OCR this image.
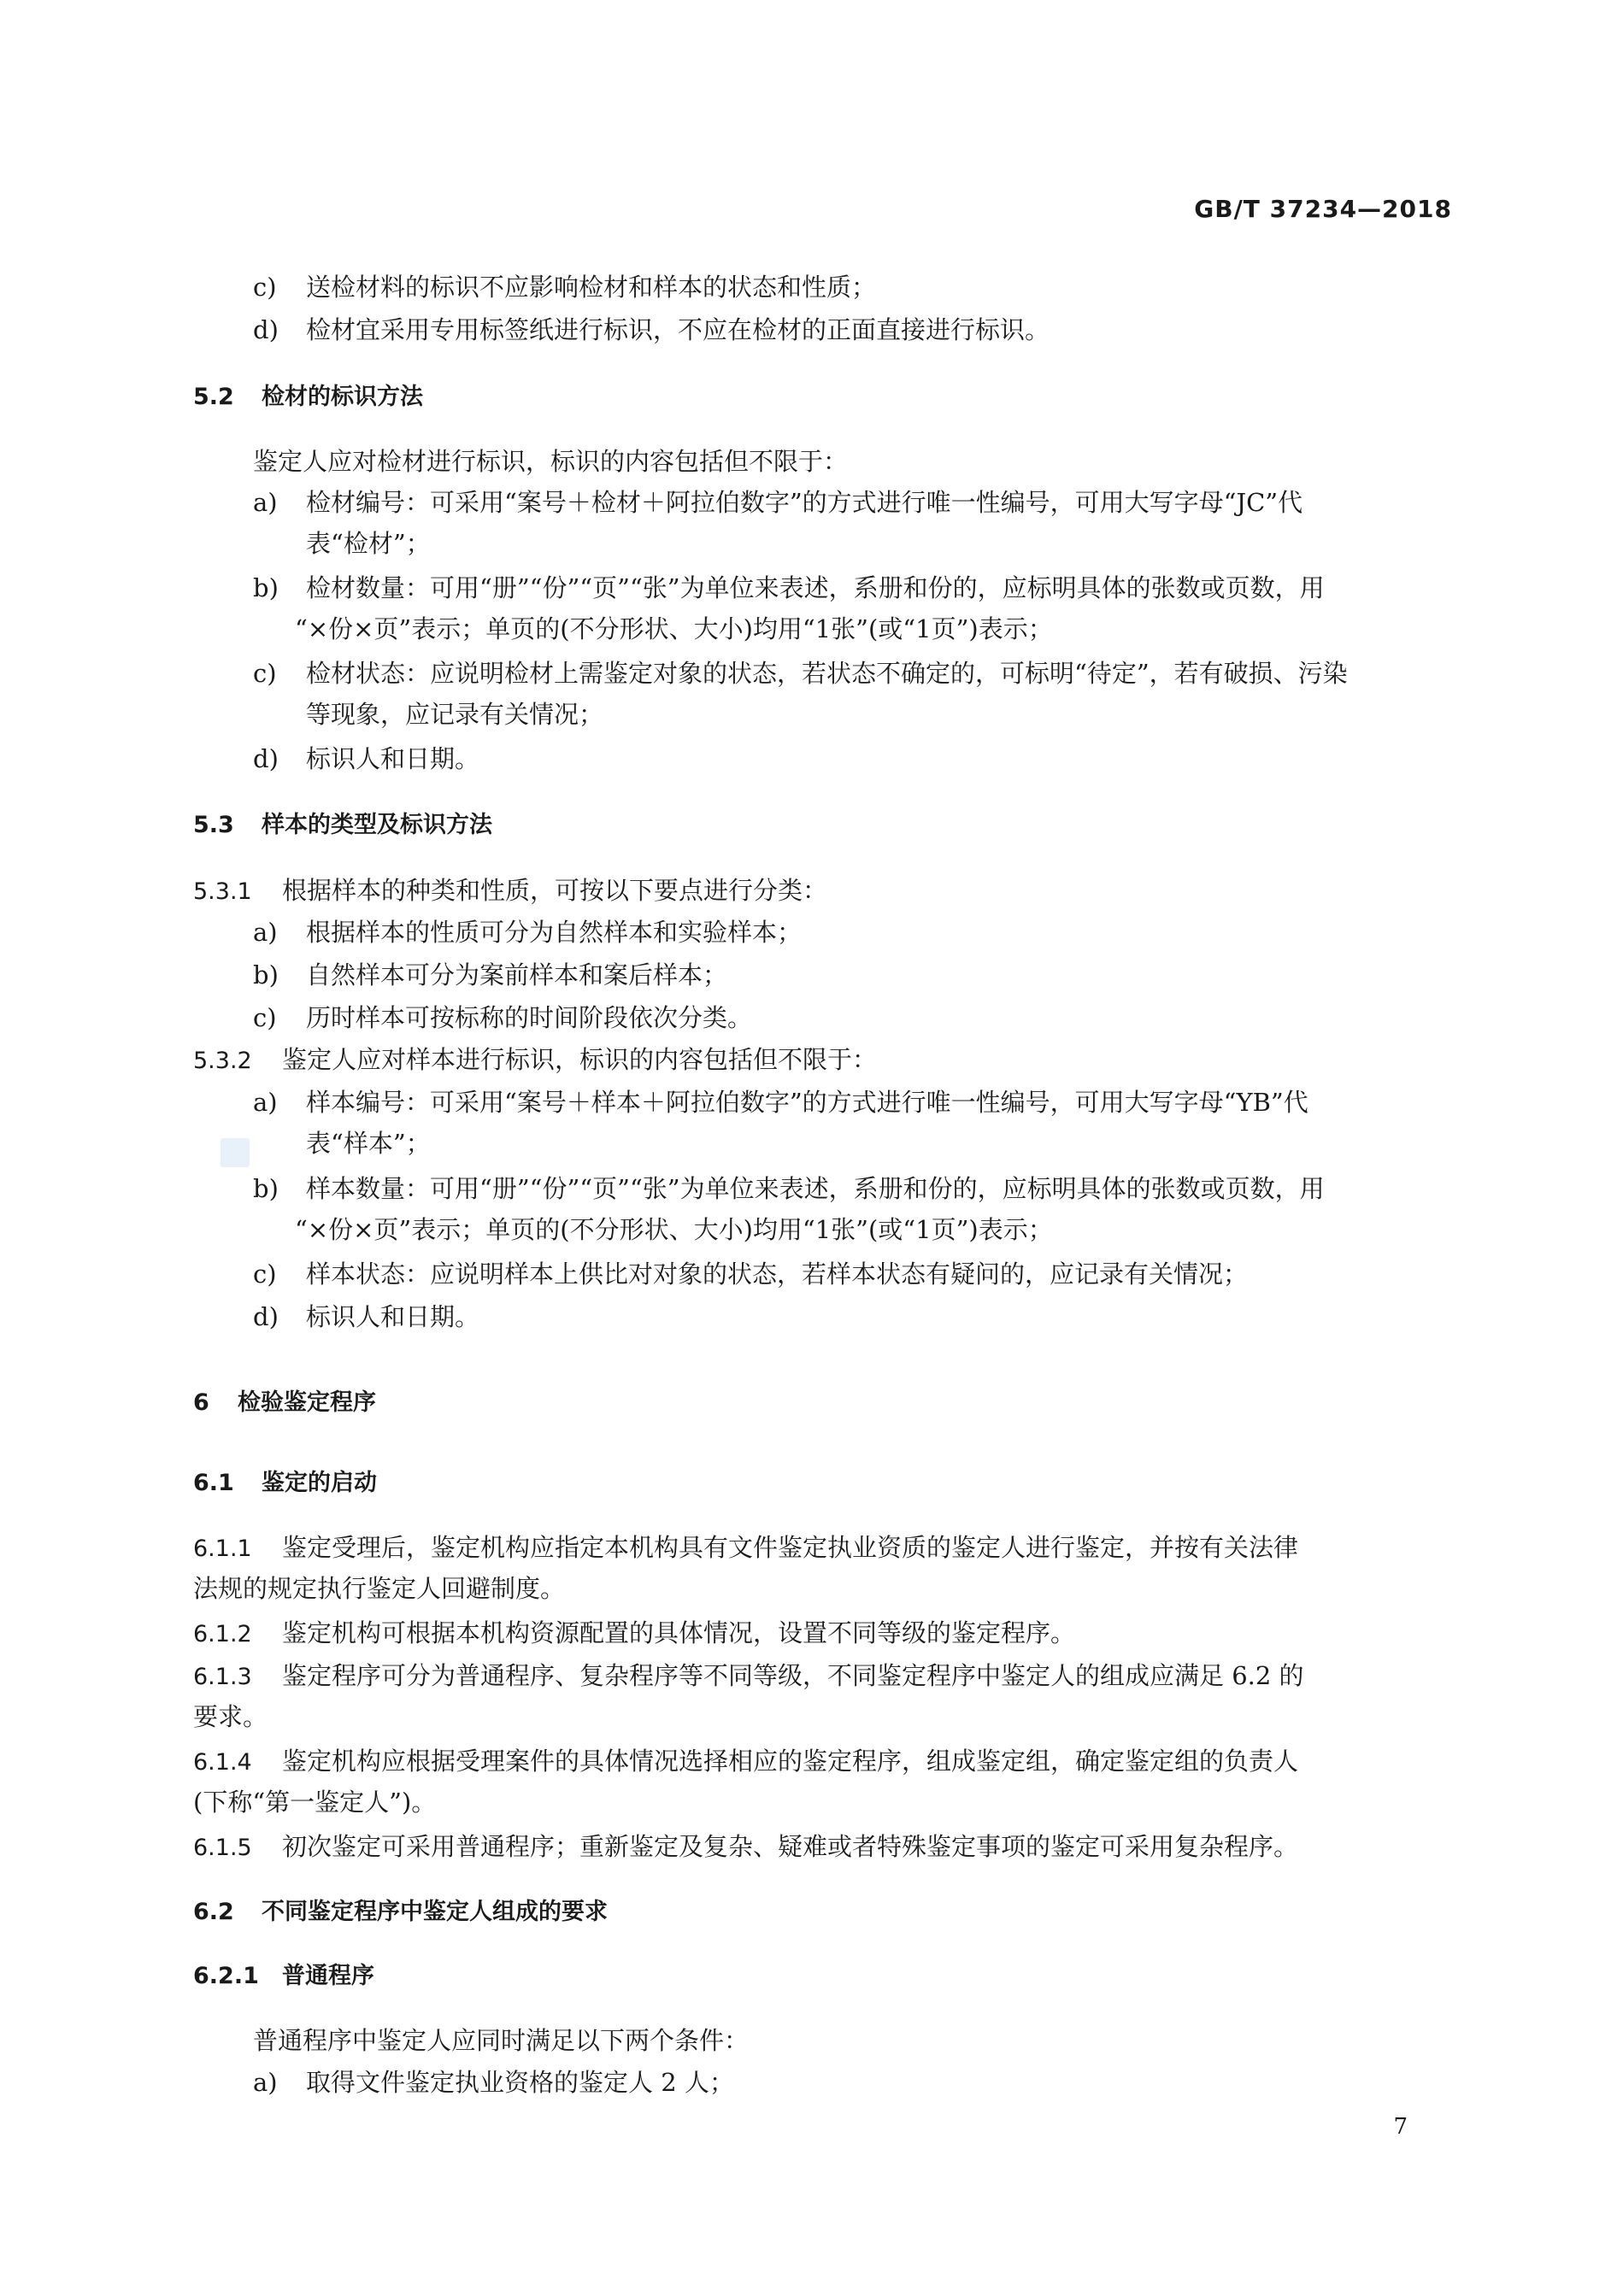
GB/T 37234—2018
c) 送检材料的标识不应影响检材和样本的状态和性质；
d) 检材宜采用专用标签纸进行标识，不应在检材的正面直接进行标识。
5.2 检材的标识方法
鉴定人应对检材进行标识，标识的内容包括但不限于：
a) 检材编号：可采用“案号＋检材＋阿拉伯数字”的方式进行唯一性编号，可用大写字母“JC”代
表“检材”；
b) 检材数量：可用“册”“份”“页”“张”为单位来表述，系册和份的，应标明具体的张数或页数，用
“×份×页”表示；单页的(不分形状、大小)均用“1张”(或“1页”)表示；
c) 检材状态：应说明检材上需鉴定对象的状态，若状态不确定的，可标明“待定”，若有破损、污染
等现象，应记录有关情况；
d) 标识人和日期。
5.3 样本的类型及标识方法
5.3.1 根据样本的种类和性质，可按以下要点进行分类：
a) 根据样本的性质可分为自然样本和实验样本；
b) 自然样本可分为案前样本和案后样本；
c) 历时样本可按标称的时间阶段依次分类。
5.3.2 鉴定人应对样本进行标识，标识的内容包括但不限于：
a) 样本编号：可采用“案号＋样本＋阿拉伯数字”的方式进行唯一性编号，可用大写字母“YB”代
表“样本”；
b) 样本数量：可用“册”“份”“页”“张”为单位来表述，系册和份的，应标明具体的张数或页数，用
“×份×页”表示；单页的(不分形状、大小)均用“1张”(或“1页”)表示；
c) 样本状态：应说明样本上供比对对象的状态，若样本状态有疑问的，应记录有关情况；
d) 标识人和日期。
6 检验鉴定程序
6.1 鉴定的启动
6.1.1 鉴定受理后，鉴定机构应指定本机构具有文件鉴定执业资质的鉴定人进行鉴定，并按有关法律
法规的规定执行鉴定人回避制度。
6.1.2 鉴定机构可根据本机构资源配置的具体情况，设置不同等级的鉴定程序。
6.1.3 鉴定程序可分为普通程序、复杂程序等不同等级，不同鉴定程序中鉴定人的组成应满足 6.2 的
要求。
6.1.4 鉴定机构应根据受理案件的具体情况选择相应的鉴定程序，组成鉴定组，确定鉴定组的负责人
(下称“第一鉴定人”)。
6.1.5 初次鉴定可采用普通程序；重新鉴定及复杂、疑难或者特殊鉴定事项的鉴定可采用复杂程序。
6.2 不同鉴定程序中鉴定人组成的要求
6.2.1 普通程序
普通程序中鉴定人应同时满足以下两个条件：
a) 取得文件鉴定执业资格的鉴定人 2 人；
7
